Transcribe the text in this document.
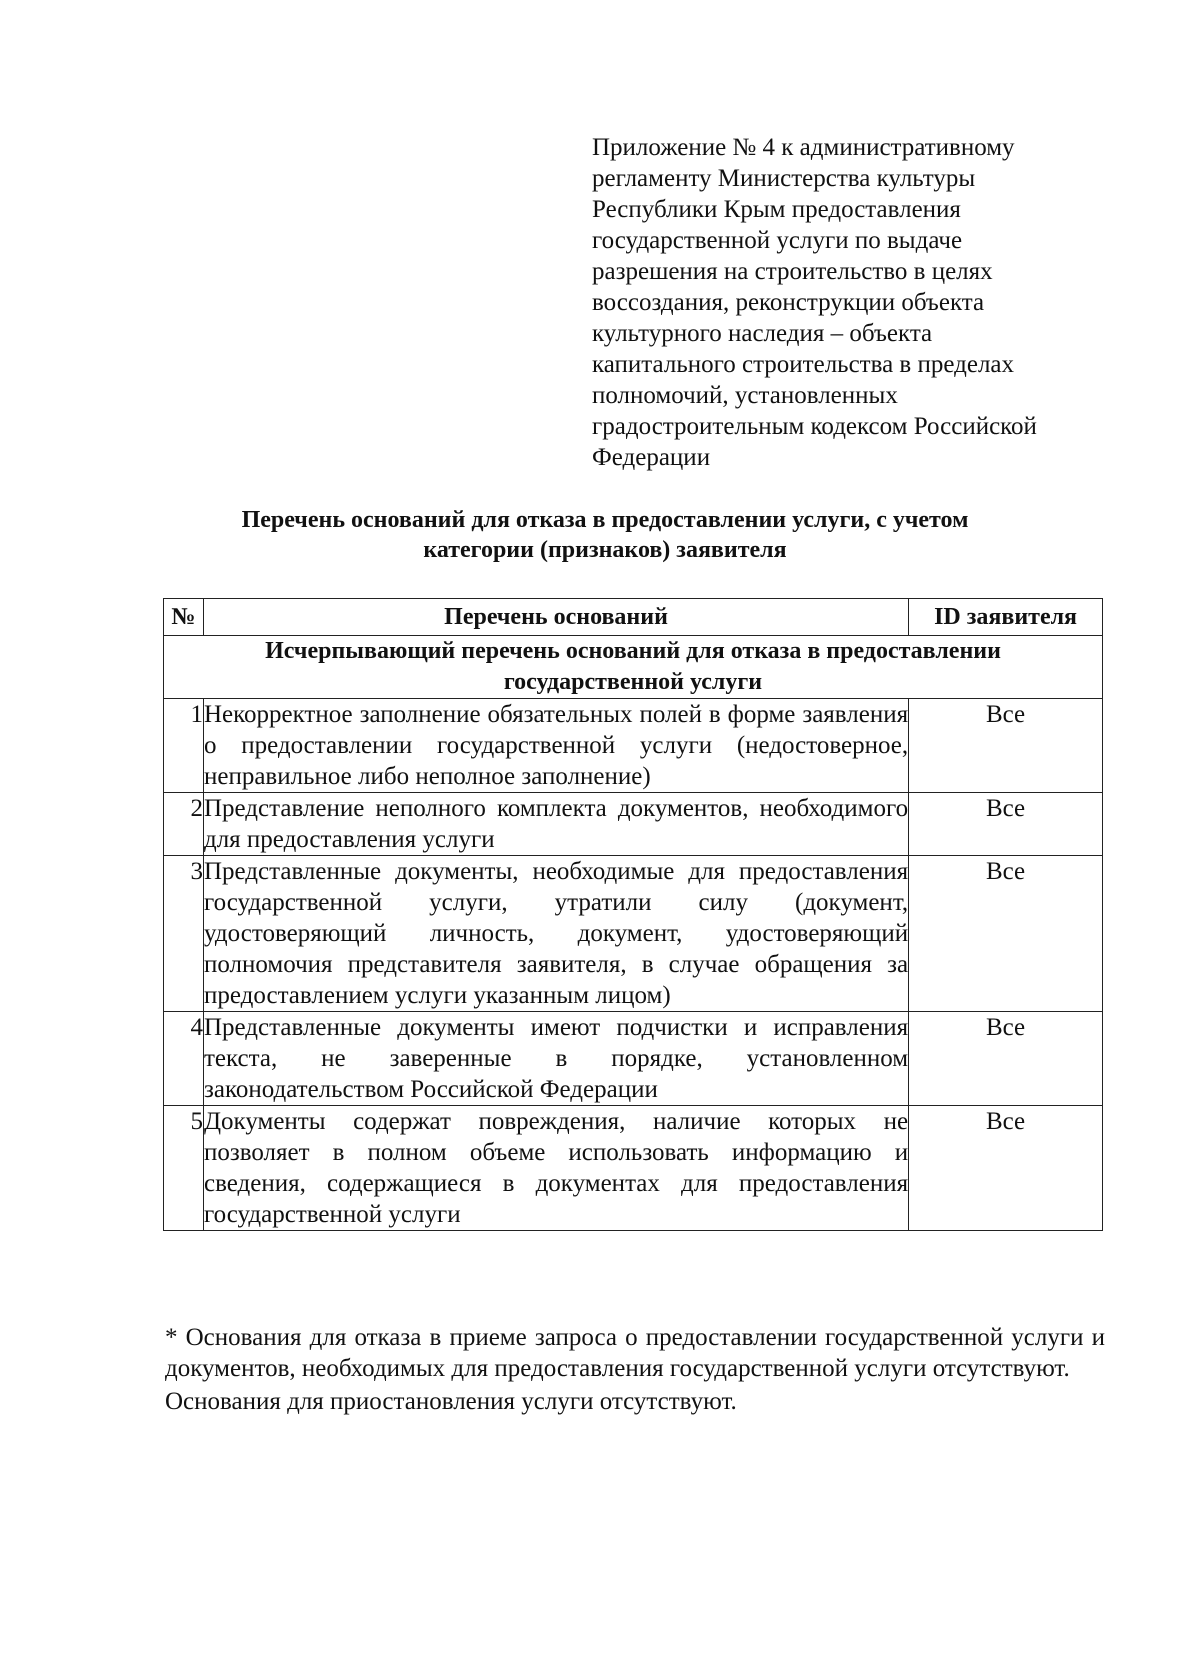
Приложение № 4 к административному
регламенту Министерства культуры
Республики Крым предоставления
государственной услуги по выдаче
разрешения на строительство в целях
воссоздания, реконструкции объекта
культурного наследия – объекта
капитального строительства в пределах
полномочий, установленных
градостроительным кодексом Российской
Федерации
Перечень оснований для отказа в предоставлении услуги, с учетом
категории (признаков) заявителя
№	Перечень оснований	ID заявителя
Исчерпывающий перечень оснований для отказа в предоставлении
государственной услуги		
1	Некорректное заполнение обязательных полей в форме заявления о предоставлении государственной услуги (недостоверное, неправильное либо неполное заполнение)	Все
2	Представление неполного комплекта документов, необходимого для предоставления услуги	Все
3	Представленные документы, необходимые для предоставления государственной услуги, утратили силу (документ, удостоверяющий личность, документ, удостоверяющий полномочия представителя заявителя, в случае обращения за предоставлением услуги указанным лицом)	Все
4	Представленные документы имеют подчистки и исправления текста, не заверенные в порядке, установленном законодательством Российской Федерации	Все
5	Документы содержат повреждения, наличие которых не позволяет в полном объеме использовать информацию и сведения, содержащиеся в документах для предоставления государственной услуги	Все

* Основания для отказа в приеме запроса о предоставлении государственной услуги и документов, необходимых для предоставления государственной услуги отсутствуют.

Основания для приостановления услуги отсутствуют.
